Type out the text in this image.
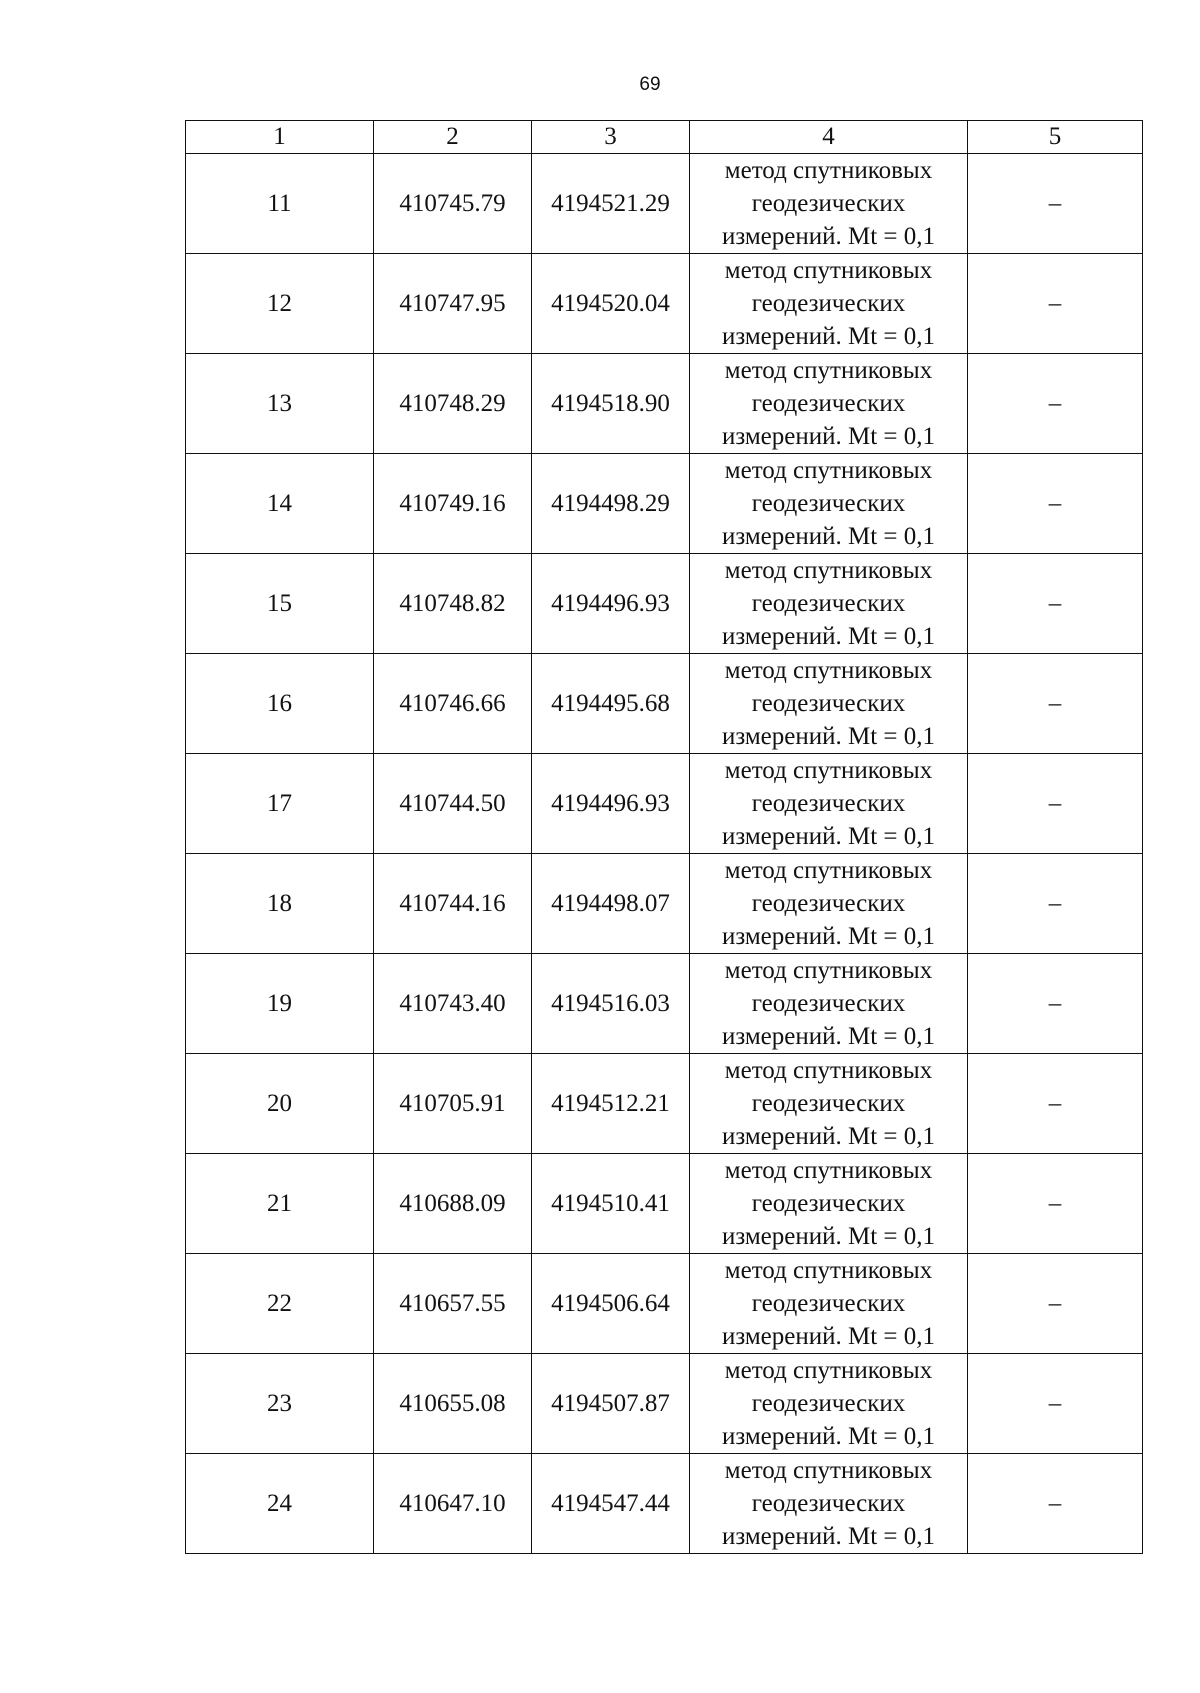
69
1	2	3	4	5
11	410745.79	4194521.29	метод спутниковых геодезических измерений. Mt = 0,1	–
12	410747.95	4194520.04	метод спутниковых геодезических измерений. Mt = 0,1	–
13	410748.29	4194518.90	метод спутниковых геодезических измерений. Mt = 0,1	–
14	410749.16	4194498.29	метод спутниковых геодезических измерений. Mt = 0,1	–
15	410748.82	4194496.93	метод спутниковых геодезических измерений. Mt = 0,1	–
16	410746.66	4194495.68	метод спутниковых геодезических измерений. Mt = 0,1	–
17	410744.50	4194496.93	метод спутниковых геодезических измерений. Mt = 0,1	–
18	410744.16	4194498.07	метод спутниковых геодезических измерений. Mt = 0,1	–
19	410743.40	4194516.03	метод спутниковых геодезических измерений. Mt = 0,1	–
20	410705.91	4194512.21	метод спутниковых геодезических измерений. Mt = 0,1	–
21	410688.09	4194510.41	метод спутниковых геодезических измерений. Mt = 0,1	–
22	410657.55	4194506.64	метод спутниковых геодезических измерений. Mt = 0,1	–
23	410655.08	4194507.87	метод спутниковых геодезических измерений. Mt = 0,1	–
24	410647.10	4194547.44	метод спутниковых геодезических измерений. Mt = 0,1	–
